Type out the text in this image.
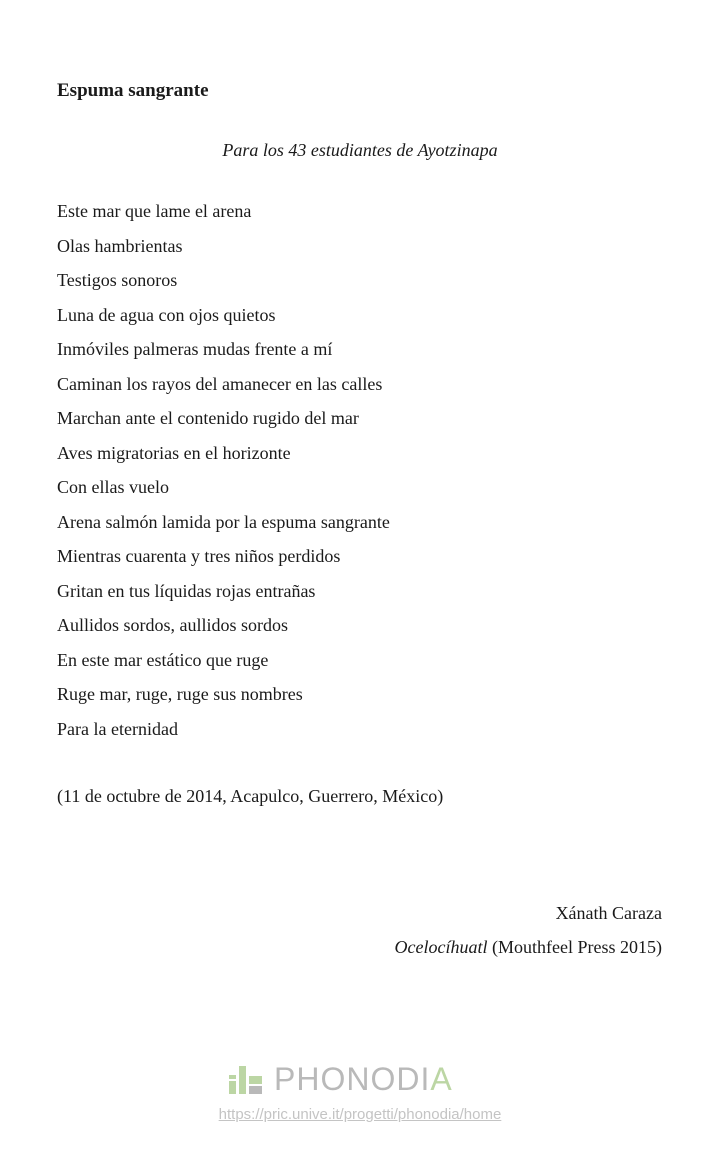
Espuma sangrante

Para los 43 estudiantes de Ayotzinapa

Este mar que lame el arena
Olas hambrientas
Testigos sonoros
Luna de agua con ojos quietos
Inmóviles palmeras mudas frente a mí
Caminan los rayos del amanecer en las calles
Marchan ante el contenido rugido del mar
Aves migratorias en el horizonte
Con ellas vuelo
Arena salmón lamida por la espuma sangrante
Mientras cuarenta y tres niños perdidos
Gritan en tus líquidas rojas entrañas
Aullidos sordos, aullidos sordos
En este mar estático que ruge
Ruge mar, ruge, ruge sus nombres
Para la eternidad

(11 de octubre de 2014, Acapulco, Guerrero, México)

Xánath Caraza

Ocelocíhuatl (Mouthfeel Press 2015)

PHONODIA
https://pric.unive.it/progetti/phonodia/home
